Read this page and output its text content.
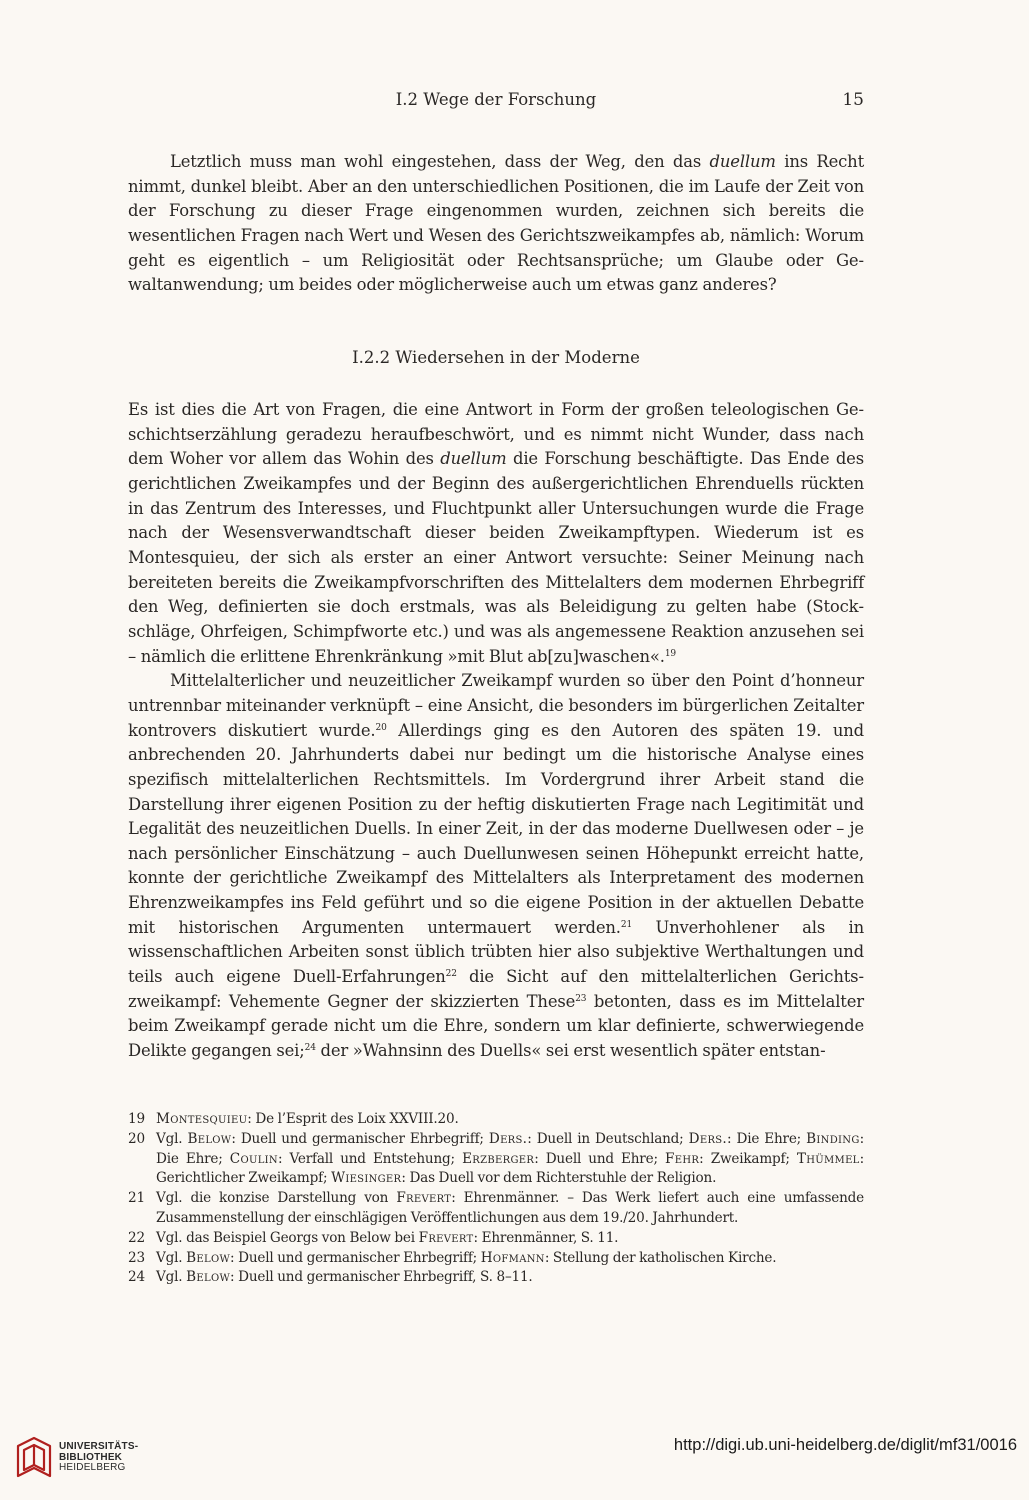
I.2 Wege der Forschung	15

Letztlich muss man wohl eingestehen, dass der Weg, den das duellum ins Recht nimmt, dunkel bleibt. Aber an den unterschiedlichen Positionen, die im Laufe der Zeit von der Forschung zu dieser Frage eingenommen wurden, zeichnen sich bereits die wesentlichen Fragen nach Wert und Wesen des Gerichtszweikampfes ab, nämlich: Worum geht es eigentlich – um Religiosität oder Rechtsansprüche; um Glaube oder Gewaltanwendung; um beides oder möglicherweise auch um etwas ganz anderes?

I.2.2 Wiedersehen in der Moderne

Es ist dies die Art von Fragen, die eine Antwort in Form der großen teleologischen Geschichtserzählung geradezu heraufbeschwört, und es nimmt nicht Wunder, dass nach dem Woher vor allem das Wohin des duellum die Forschung beschäftigte. Das Ende des gerichtlichen Zweikampfes und der Beginn des außergerichtlichen Ehrenduells rückten in das Zentrum des Interesses, und Fluchtpunkt aller Untersuchungen wurde die Frage nach der Wesensverwandtschaft dieser beiden Zweikampftypen. Wiederum ist es Montesquieu, der sich als erster an einer Antwort versuchte: Seiner Meinung nach bereiteten bereits die Zweikampfvorschriften des Mittelalters dem modernen Ehrbegriff den Weg, definierten sie doch erstmals, was als Beleidigung zu gelten habe (Stockschläge, Ohrfeigen, Schimpfworte etc.) und was als angemessene Reaktion anzusehen sei – nämlich die erlittene Ehrenkränkung »mit Blut ab[zu]waschen«.$^{19}$

Mittelalterlicher und neuzeitlicher Zweikampf wurden so über den Point d’honneur untrennbar miteinander verknüpft – eine Ansicht, die besonders im bürgerlichen Zeitalter kontrovers diskutiert wurde.$^{20}$ Allerdings ging es den Autoren des späten 19. und anbrechenden 20. Jahrhunderts dabei nur bedingt um die historische Analyse eines spezifisch mittelalterlichen Rechtsmittels. Im Vordergrund ihrer Arbeit stand die Darstellung ihrer eigenen Position zu der heftig diskutierten Frage nach Legitimität und Legalität des neuzeitlichen Duells. In einer Zeit, in der das moderne Duellwesen oder – je nach persönlicher Einschätzung – auch Duellunwesen seinen Höhepunkt erreicht hatte, konnte der gerichtliche Zweikampf des Mittelalters als Interpretament des modernen Ehrenzweikampfes ins Feld geführt und so die eigene Position in der aktuellen Debatte mit historischen Argumenten untermauert werden.$^{21}$ Unverhohlener als in wissenschaftlichen Arbeiten sonst üblich trübten hier also subjektive Werthaltungen und teils auch eigene Duell-Erfahrungen$^{22}$ die Sicht auf den mittelalterlichen Gerichtszweikampf: Vehemente Gegner der skizzierten These$^{23}$ betonten, dass es im Mittelalter beim Zweikampf gerade nicht um die Ehre, sondern um klar definierte, schwerwiegende Delikte gegangen sei;$^{24}$ der »Wahnsinn des Duells« sei erst wesentlich später entstan-

19 Montesquieu: De l’Esprit des Loix XXVIII.20.
20 Vgl. Below: Duell und germanischer Ehrbegriff; Ders.: Duell in Deutschland; Ders.: Die Ehre; Binding: Die Ehre; Coulin: Verfall und Entstehung; Erzberger: Duell und Ehre; Fehr: Zweikampf; Thümmel: Gerichtlicher Zweikampf; Wiesinger: Das Duell vor dem Richterstuhle der Religion.
21 Vgl. die konzise Darstellung von Frevert: Ehrenmänner. – Das Werk liefert auch eine umfassende Zusammenstellung der einschlägigen Veröffentlichungen aus dem 19./20. Jahrhundert.
22 Vgl. das Beispiel Georgs von Below bei Frevert: Ehrenmänner, S. 11.
23 Vgl. Below: Duell und germanischer Ehrbegriff; Hofmann: Stellung der katholischen Kirche.
24 Vgl. Below: Duell und germanischer Ehrbegriff, S. 8–11.
UNIVERSITÄTS-
BIBLIOTHEK
HEIDELBERG
http://digi.ub.uni-heidelberg.de/diglit/mf31/0016
